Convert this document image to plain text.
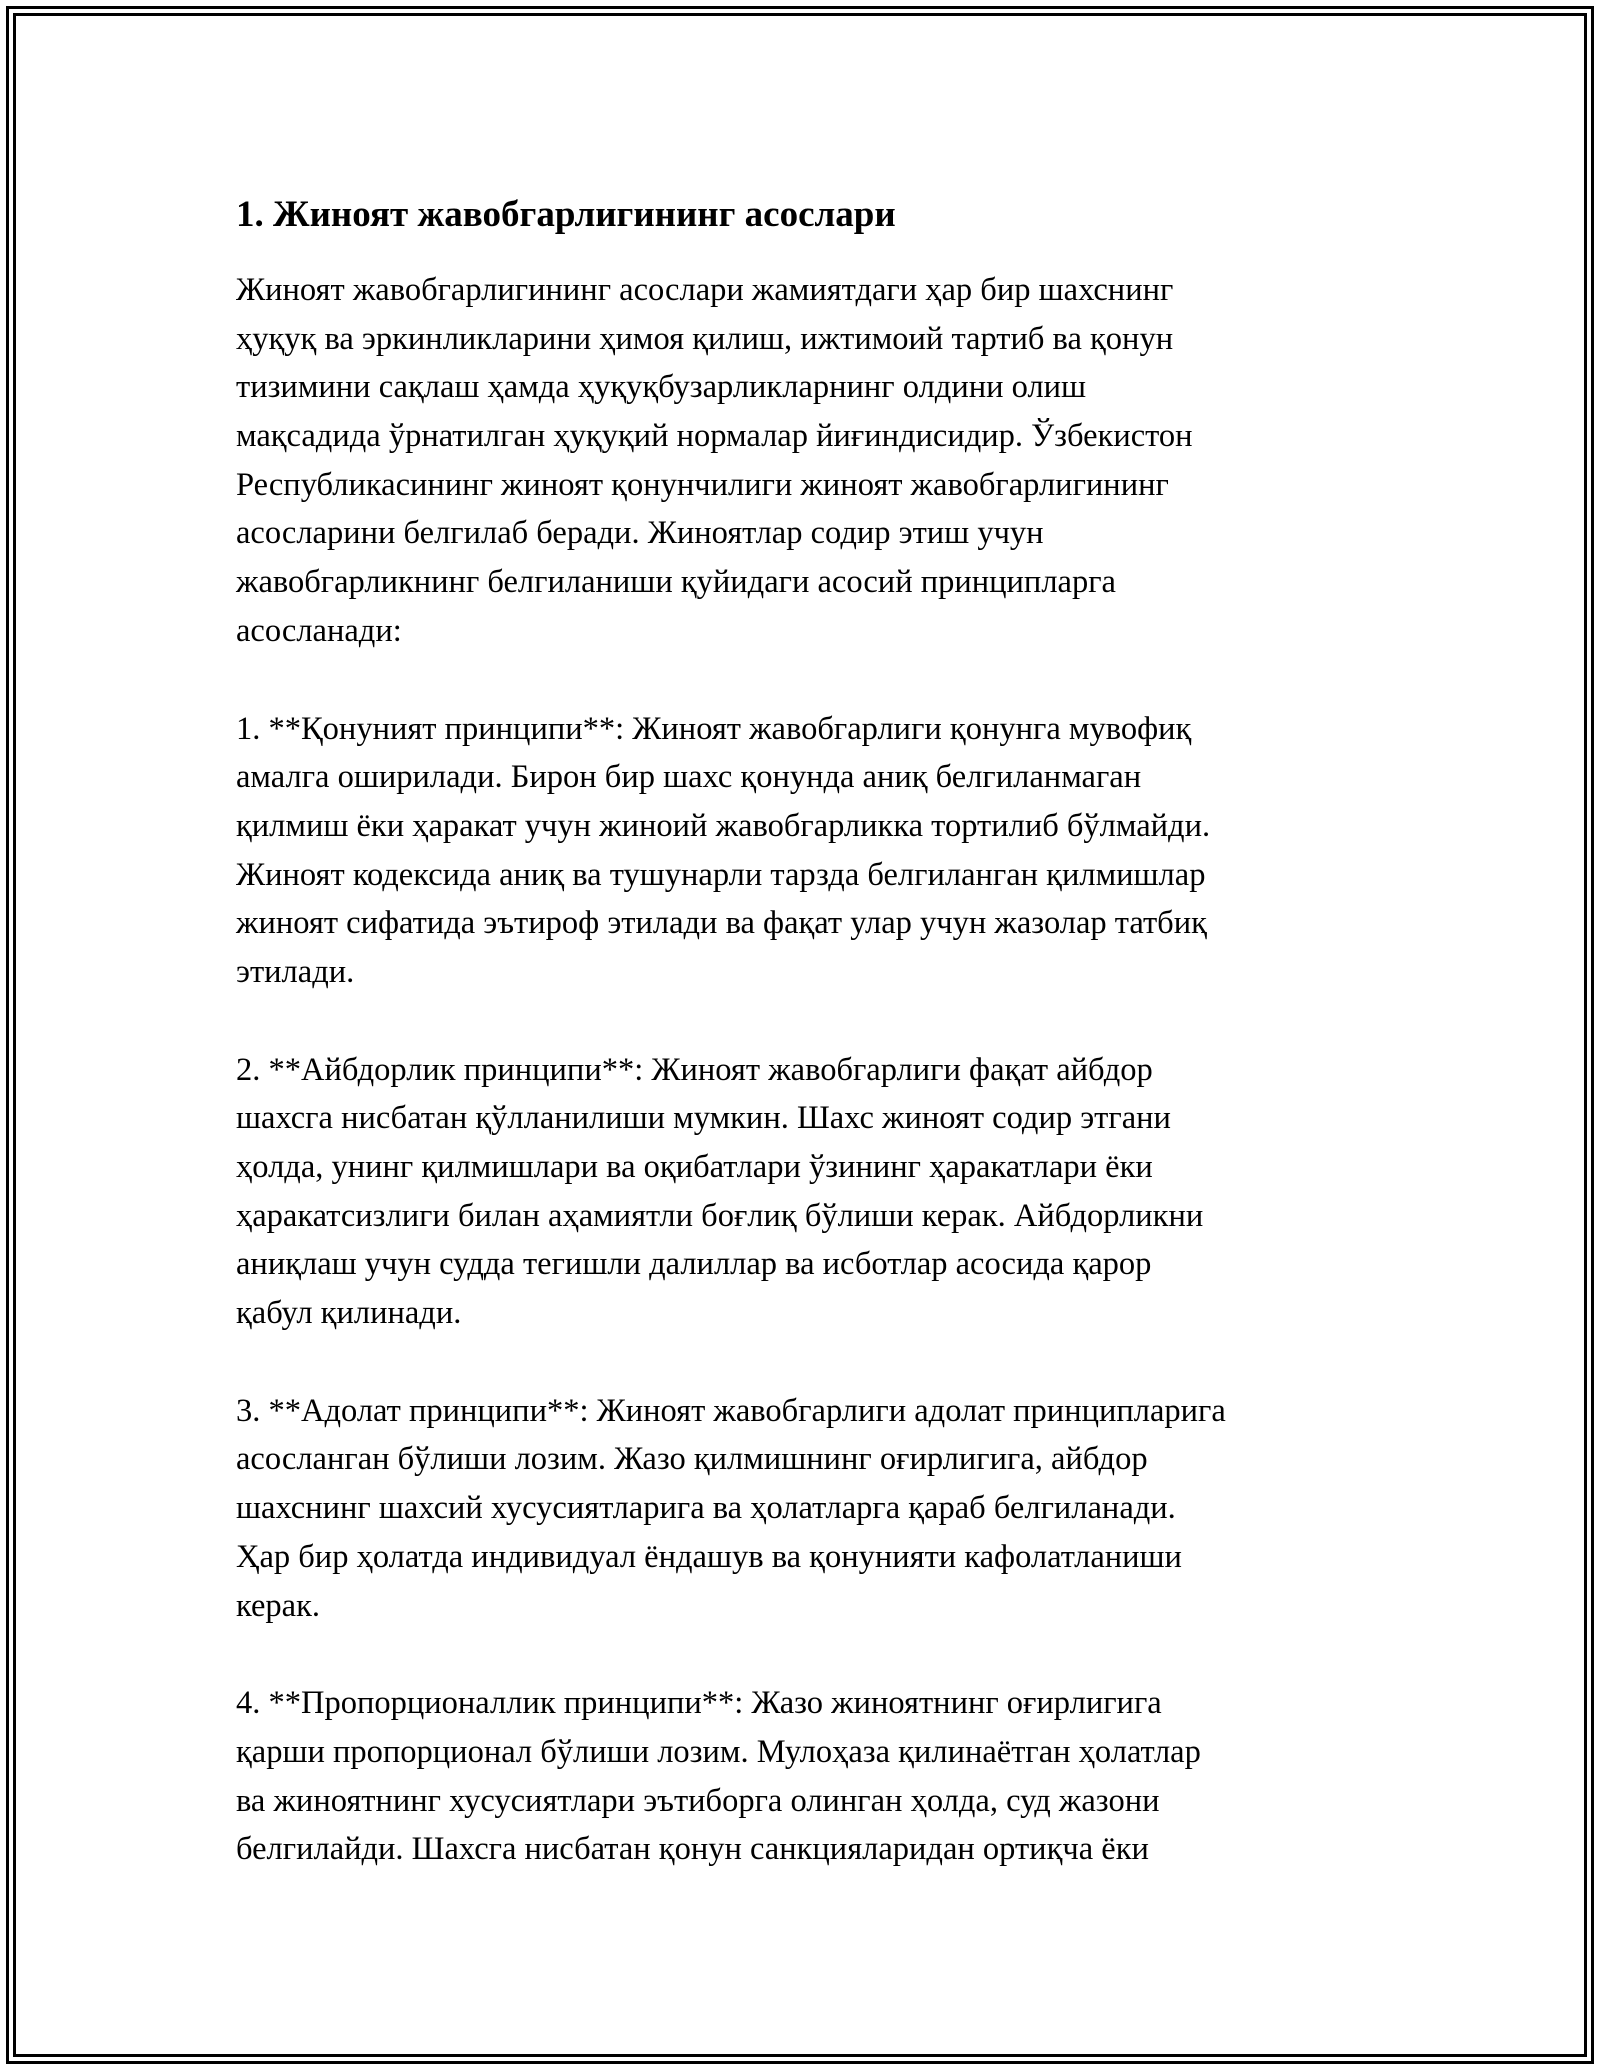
1. Жиноят жавобгарлигининг асослари
Жиноят жавобгарлигининг асослари жамиятдаги ҳар бир шахснинг
ҳуқуқ ва эркинликларини ҳимоя қилиш, ижтимоий тартиб ва қонун
тизимини сақлаш ҳамда ҳуқуқбузарликларнинг олдини олиш
мақсадида ўрнатилган ҳуқуқий нормалар йиғиндисидир. Ўзбекистон
Республикасининг жиноят қонунчилиги жиноят жавобгарлигининг
асосларини белгилаб беради. Жиноятлар содир этиш учун
жавобгарликнинг белгиланиши қуйидаги асосий принципларга
асосланади:
1. **Қонуният принципи**: Жиноят жавобгарлиги қонунга мувофиқ
амалга оширилади. Бирон бир шахс қонунда аниқ белгиланмаган
қилмиш ёки ҳаракат учун жиноий жавобгарликка тортилиб бўлмайди.
Жиноят кодексида аниқ ва тушунарли тарзда белгиланган қилмишлар
жиноят сифатида эътироф этилади ва фақат улар учун жазолар татбиқ
этилади.
2. **Айбдорлик принципи**: Жиноят жавобгарлиги фақат айбдор
шахсга нисбатан қўлланилиши мумкин. Шахс жиноят содир этгани
ҳолда, унинг қилмишлари ва оқибатлари ўзининг ҳаракатлари ёки
ҳаракатсизлиги билан аҳамиятли боғлиқ бўлиши керак. Айбдорликни
аниқлаш учун судда тегишли далиллар ва исботлар асосида қарор
қабул қилинади.
3. **Адолат принципи**: Жиноят жавобгарлиги адолат принципларига
асосланган бўлиши лозим. Жазо қилмишнинг оғирлигига, айбдор
шахснинг шахсий хусусиятларига ва ҳолатларга қараб белгиланади.
Ҳар бир ҳолатда индивидуал ёндашув ва қонунияти кафолатланиши
керак.
4. **Пропорционаллик принципи**: Жазо жиноятнинг оғирлигига
қарши пропорционал бўлиши лозим. Мулоҳаза қилинаётган ҳолатлар
ва жиноятнинг хусусиятлари эътиборга олинган ҳолда, суд жазони
белгилайди. Шахсга нисбатан қонун санкцияларидан ортиқча ёки
